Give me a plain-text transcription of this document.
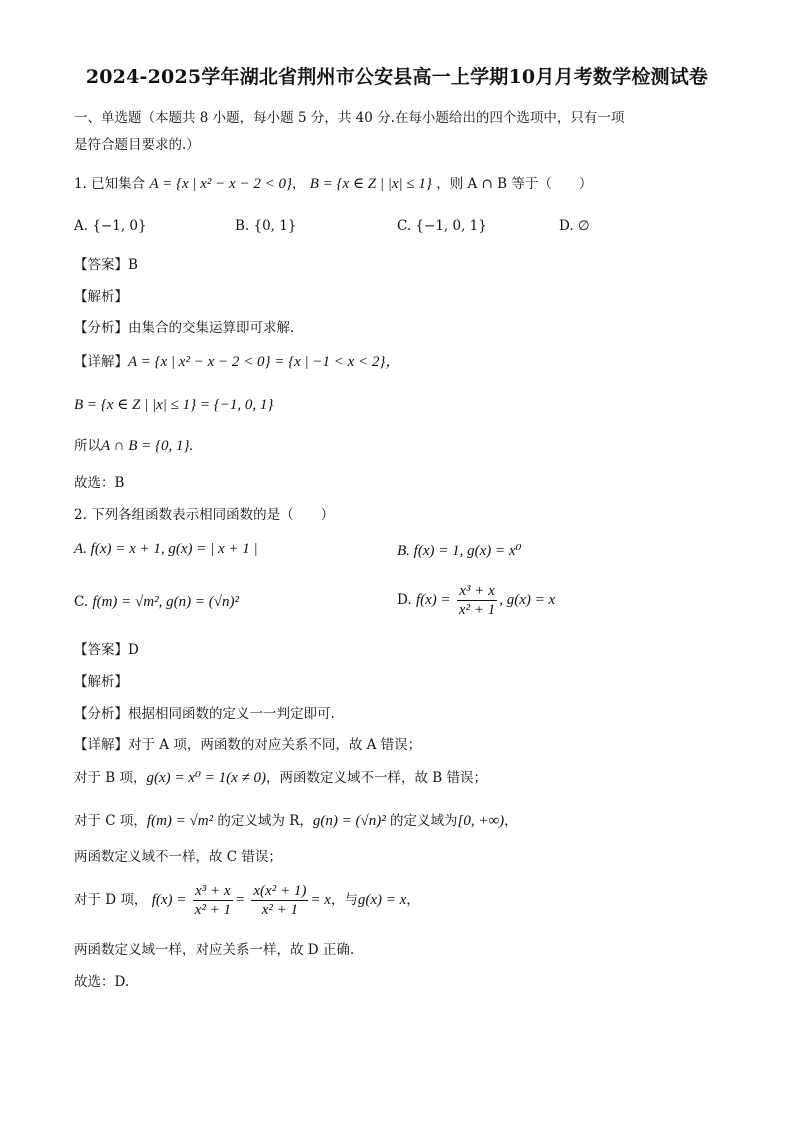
2024-2025学年湖北省荆州市公安县高一上学期10月月考数学检测试卷
一、单选题（本题共 8 小题，每小题 5 分，共 40 分.在每小题给出的四个选项中，只有一项
是符合题目要求的.）
1. 已知集合 A = {x | x² − x − 2 < 0}， B = {x ∈ Z | |x| ≤ 1} ，则 A ∩ B 等于（　　）
A. {−1, 0}	B. {0, 1}	C. {−1, 0, 1}	D. ∅
【答案】B
【解析】
【分析】由集合的交集运算即可求解.
【详解】A = {x | x² − x − 2 < 0} = {x | −1 < x < 2}，
B = {x ∈ Z | |x| ≤ 1} = {−1, 0, 1}
所以A ∩ B = {0, 1}.
故选：B
2. 下列各组函数表示相同函数的是（　　）
A. f(x) = x + 1, g(x) = | x + 1 |	B. f(x) = 1, g(x) = x⁰
C. f(m) = √m², g(n) = (√n)²	D. $f(x) = \frac{\text{x³ + x}}{\text{x² + 1}}$ , g(x) = x
【答案】D
【解析】
【分析】根据相同函数的定义一一判定即可.
【详解】对于 A 项，两函数的对应关系不同，故 A 错误；
对于 B 项，g(x) = x⁰ = 1(x ≠ 0)，两函数定义域不一样，故 B 错误；
对于 C 项，f(m) = √m² 的定义域为 R，g(n) = (√n)² 的定义域为[0, +∞)，
两函数定义域不一样，故 C 错误；
对于 D 项， $f(x) = \frac{\text{x³ + x}}{\text{x² + 1}} = \frac{\text{x(x² + 1)}}{\text{x² + 1}} = x$，与g(x) = x，
两函数定义域一样，对应关系一样，故 D 正确.
故选：D.
